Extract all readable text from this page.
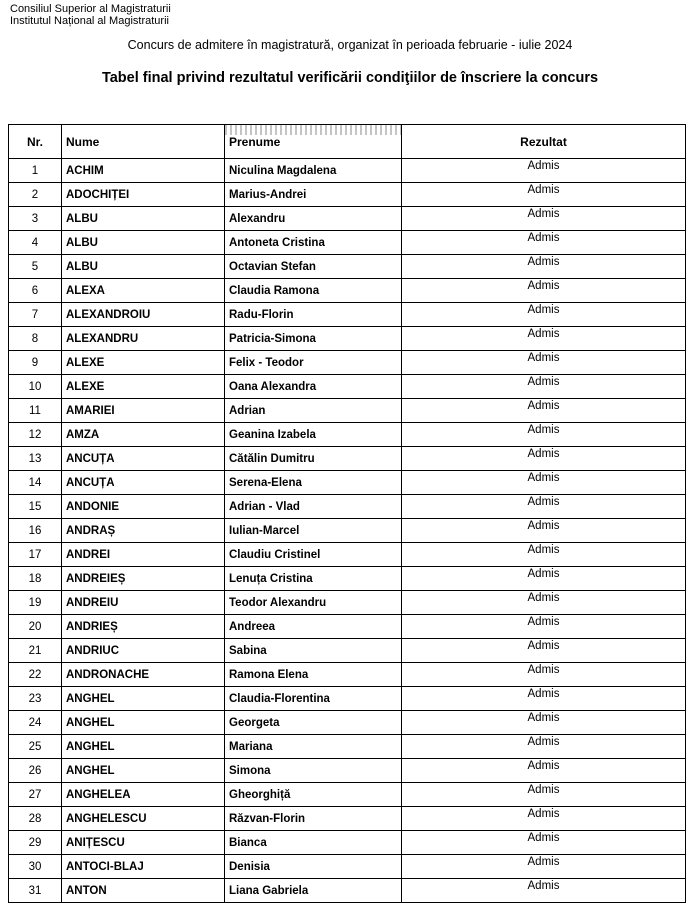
Consiliul Superior al Magistraturii
Institutul Național al Magistraturii
Concurs de admitere în magistratură, organizat în perioada februarie - iulie 2024
Tabel final privind rezultatul verificării condiţiilor de înscriere la concurs
Nr.	Nume	Prenume	Rezultat
1	ACHIM	Niculina Magdalena	Admis
2	ADOCHIȚEI	Marius-Andrei	Admis
3	ALBU	Alexandru	Admis
4	ALBU	Antoneta Cristina	Admis
5	ALBU	Octavian Stefan	Admis
6	ALEXA	Claudia Ramona	Admis
7	ALEXANDROIU	Radu-Florin	Admis
8	ALEXANDRU	Patricia-Simona	Admis
9	ALEXE	Felix - Teodor	Admis
10	ALEXE	Oana Alexandra	Admis
11	AMARIEI	Adrian	Admis
12	AMZA	Geanina Izabela	Admis
13	ANCUȚA	Cătălin Dumitru	Admis
14	ANCUȚA	Serena-Elena	Admis
15	ANDONIE	Adrian - Vlad	Admis
16	ANDRAȘ	Iulian-Marcel	Admis
17	ANDREI	Claudiu Cristinel	Admis
18	ANDREIEȘ	Lenuța Cristina	Admis
19	ANDREIU	Teodor Alexandru	Admis
20	ANDRIEȘ	Andreea	Admis
21	ANDRIUC	Sabina	Admis
22	ANDRONACHE	Ramona Elena	Admis
23	ANGHEL	Claudia-Florentina	Admis
24	ANGHEL	Georgeta	Admis
25	ANGHEL	Mariana	Admis
26	ANGHEL	Simona	Admis
27	ANGHELEA	Gheorghiță	Admis
28	ANGHELESCU	Răzvan-Florin	Admis
29	ANIȚESCU	Bianca	Admis
30	ANTOCI-BLAJ	Denisia	Admis
31	ANTON	Liana Gabriela	Admis
